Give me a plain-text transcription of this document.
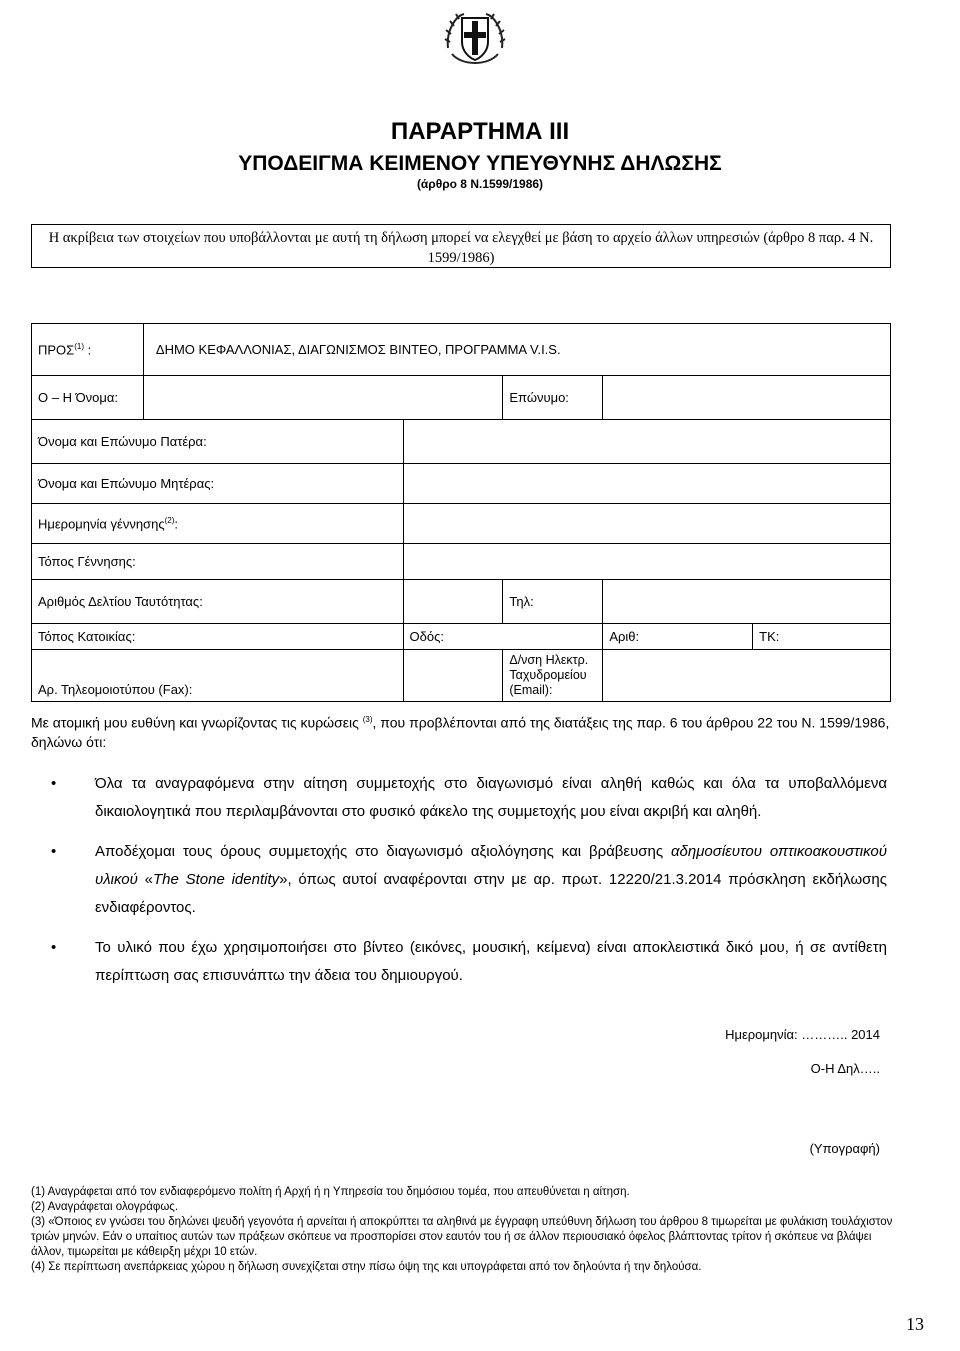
ΠΑΡΑΡΤΗΜΑ ΙΙΙ
ΥΠΟΔΕΙΓΜΑ ΚΕΙΜΕΝΟΥ ΥΠΕΥΘΥΝΗΣ ΔΗΛΩΣΗΣ
(άρθρο 8 Ν.1599/1986)
Η ακρίβεια των στοιχείων που υποβάλλονται με αυτή τη δήλωση μπορεί να ελεγχθεί με βάση το αρχείο άλλων υπηρεσιών (άρθρο 8 παρ. 4 Ν. 1599/1986)
ΠΡΟΣ$^{(1)}$ :	ΔΗΜΟ ΚΕΦΑΛΛΟΝΙΑΣ, ΔΙΑΓΩΝΙΣΜΟΣ ΒΙΝΤΕΟ, ΠΡΟΓΡΑΜΜΑ V.I.S.				
Ο – Η Όνομα:			Επώνυμο:		
Όνομα και Επώνυμο Πατέρα:					
Όνομα και Επώνυμο Μητέρας:					
Ημερομηνία γέννησης$^{(2)}$:					
Τόπος Γέννησης:					
Αριθμός Δελτίου Ταυτότητας:			Τηλ:		
Τόπος Κατοικίας:		Οδός:		Αριθ:	ΤΚ:
Αρ. Τηλεομοιοτύπου (Fax):			Δ/νση Ηλεκτρ.
Ταχυδρομείου
(Email):		

Με ατομική μου ευθύνη και γνωρίζοντας τις κυρώσεις $^{(3)}$, που προβλέπονται από της διατάξεις της παρ. 6 του άρθρου 22 του Ν. 1599/1986, δηλώνω ότι:
•	Όλα τα αναγραφόμενα στην αίτηση συμμετοχής στο διαγωνισμό είναι αληθή καθώς και όλα τα υποβαλλόμενα δικαιολογητικά που περιλαμβάνονται στο φυσικό φάκελο της συμμετοχής μου είναι ακριβή και αληθή.
•	Αποδέχομαι τους όρους συμμετοχής στο διαγωνισμό αξιολόγησης και βράβευσης αδημοσίευτου οπτικοακουστικού υλικού «The Stone identity», όπως αυτοί αναφέρονται στην με αρ. πρωτ. 12220/21.3.2014 πρόσκληση εκδήλωσης ενδιαφέροντος.
•	Το υλικό που έχω χρησιμοποιήσει στο βίντεο (εικόνες, μουσική, κείμενα) είναι αποκλειστικά δικό μου, ή σε αντίθετη περίπτωση σας επισυνάπτω την άδεια του δημιουργού.
Ημερομηνία: ……….. 2014
Ο-Η Δηλ…..
(Υπογραφή)
(1) Αναγράφεται από τον ενδιαφερόμενο πολίτη ή Αρχή ή η Υπηρεσία του δημόσιου τομέα, που απευθύνεται η αίτηση.
(2) Αναγράφεται ολογράφως.
(3) «Όποιος εν γνώσει του δηλώνει ψευδή γεγονότα ή αρνείται ή αποκρύπτει τα αληθινά με έγγραφη υπεύθυνη δήλωση του άρθρου 8 τιμωρείται με φυλάκιση τουλάχιστον τριών μηνών. Εάν ο υπαίτιος αυτών των πράξεων σκόπευε να προσπορίσει στον εαυτόν του ή σε άλλον περιουσιακό όφελος βλάπτοντας τρίτον ή σκόπευε να βλάψει άλλον, τιμωρείται με κάθειρξη μέχρι 10 ετών.
(4) Σε περίπτωση ανεπάρκειας χώρου η δήλωση συνεχίζεται στην πίσω όψη της και υπογράφεται από τον δηλούντα ή την δηλούσα.
13
